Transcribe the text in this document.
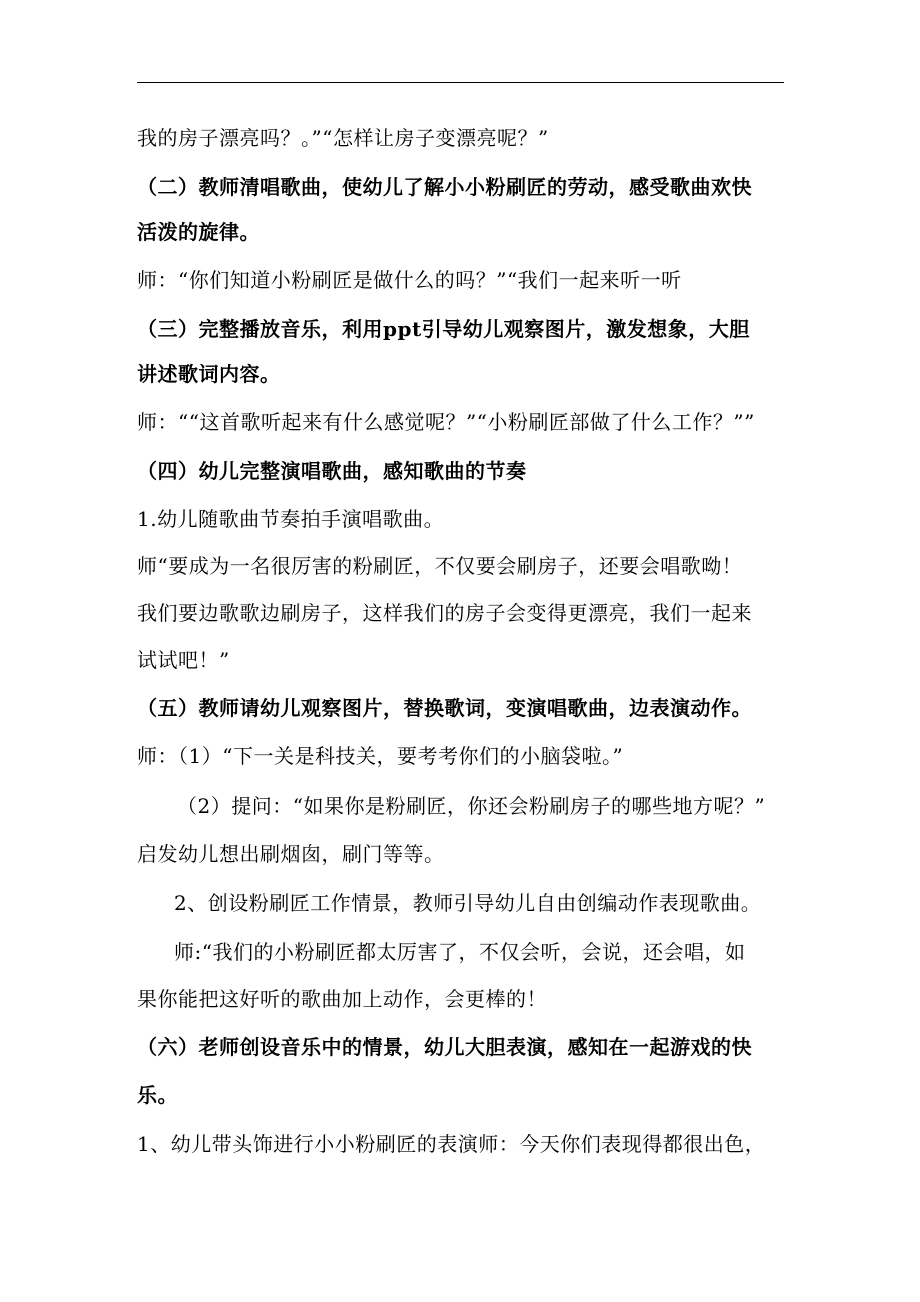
我的房子漂亮吗？。”“怎样让房子变漂亮呢？”
（二）教师清唱歌曲，使幼儿了解小小粉刷匠的劳动，感受歌曲欢快
活泼的旋律。
师：“你们知道小粉刷匠是做什么的吗？”“我们一起来听一听
（三）完整播放音乐，利用ppt引导幼儿观察图片，激发想象，大胆
讲述歌词内容。
师：““这首歌听起来有什么感觉呢？”“小粉刷匠部做了什么工作？””
（四）幼儿完整演唱歌曲，感知歌曲的节奏
1.幼儿随歌曲节奏拍手演唱歌曲。
师“要成为一名很厉害的粉刷匠，不仅要会刷房子，还要会唱歌呦！
我们要边歌歌边刷房子，这样我们的房子会变得更漂亮，我们一起来
试试吧！”
（五）教师请幼儿观察图片，替换歌词，变演唱歌曲，边表演动作。
师：（1）“下一关是科技关，要考考你们的小脑袋啦。”
（2）提问：“如果你是粉刷匠，你还会粉刷房子的哪些地方呢？”
启发幼儿想出刷烟囱，刷门等等。
2、创设粉刷匠工作情景，教师引导幼儿自由创编动作表现歌曲。
师:“我们的小粉刷匠都太厉害了，不仅会听，会说，还会唱，如
果你能把这好听的歌曲加上动作，会更棒的！
（六）老师创设音乐中的情景，幼儿大胆表演，感知在一起游戏的快
乐。
1、幼儿带头饰进行小小粉刷匠的表演师：今天你们表现得都很出色，
